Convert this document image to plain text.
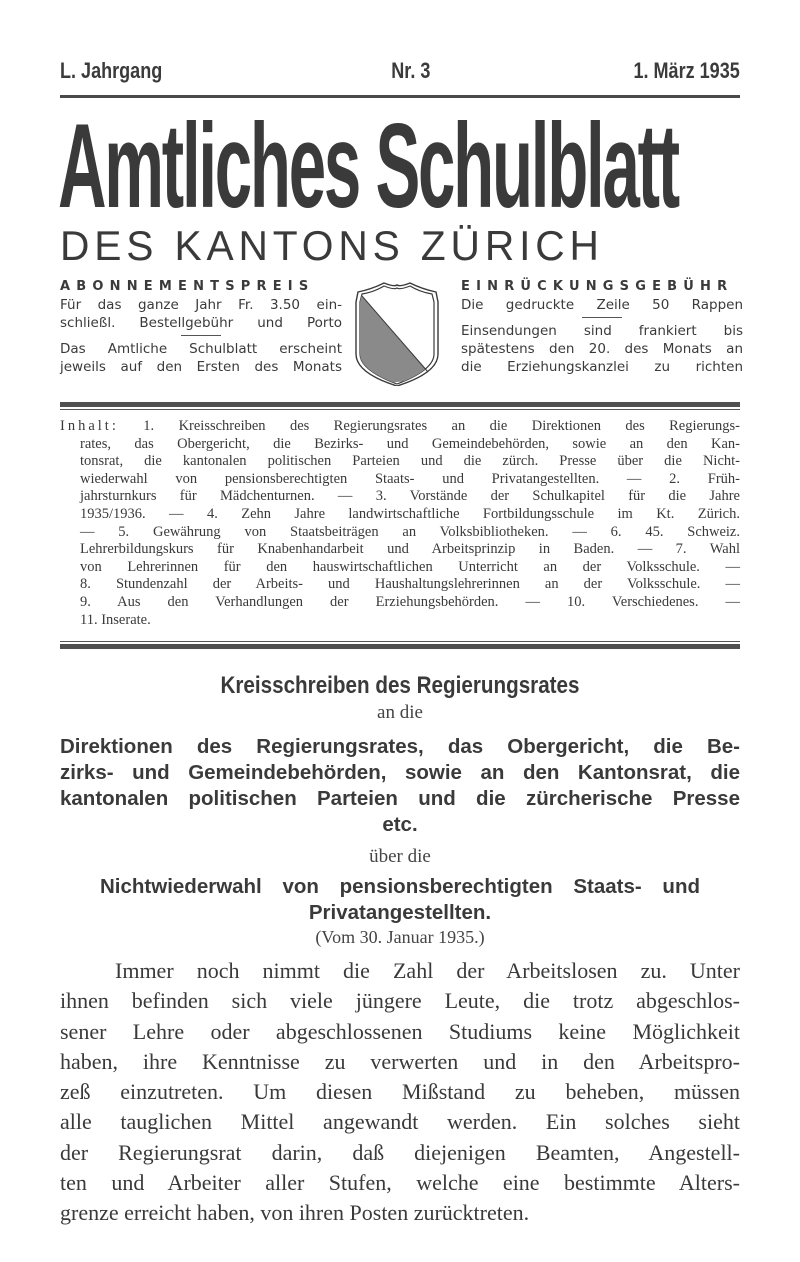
L. Jahrgang	Nr. 3	1. März 1935
Amtliches Schulblatt
DES KANTONS ZÜRICH
ABONNEMENTSPREIS
Für das ganze Jahr Fr. 3.50 ein-
schließl. Bestellgebühr und Porto
Das Amtliche Schulblatt erscheint
jeweils auf den Ersten des Monats
EINRÜCKUNGSGEBÜHR
Die gedruckte Zeile 50 Rappen
Einsendungen sind frankiert bis
spätestens den 20. des Monats an
die Erziehungskanzlei zu richten
Inhalt: 1. Kreisschreiben des Regierungsrates an die Direktionen des Regierungs-
rates, das Obergericht, die Bezirks- und Gemeindebehörden, sowie an den Kan-
tonsrat, die kantonalen politischen Parteien und die zürch. Presse über die Nicht-
wiederwahl von pensionsberechtigten Staats- und Privatangestellten. — 2. Früh-
jahrsturnkurs für Mädchenturnen. — 3. Vorstände der Schulkapitel für die Jahre
1935/1936. — 4. Zehn Jahre landwirtschaftliche Fortbildungsschule im Kt. Zürich.
— 5. Gewährung von Staatsbeiträgen an Volksbibliotheken. — 6. 45. Schweiz.
Lehrerbildungskurs für Knabenhandarbeit und Arbeitsprinzip in Baden. — 7. Wahl
von Lehrerinnen für den hauswirtschaftlichen Unterricht an der Volksschule. —
8. Stundenzahl der Arbeits- und Haushaltungslehrerinnen an der Volksschule. —
9. Aus den Verhandlungen der Erziehungsbehörden. — 10. Verschiedenes. —
11. Inserate.
Kreisschreiben des Regierungsrates
an die
Direktionen des Regierungsrates, das Obergericht, die Be-
zirks- und Gemeindebehörden, sowie an den Kantonsrat, die
kantonalen politischen Parteien und die zürcherische Presse
etc.
über die
Nichtwiederwahl von pensionsberechtigten Staats- und
Privatangestellten.
(Vom 30. Januar 1935.)
Immer noch nimmt die Zahl der Arbeitslosen zu. Unter
ihnen befinden sich viele jüngere Leute, die trotz abgeschlos-
sener Lehre oder abgeschlossenen Studiums keine Möglichkeit
haben, ihre Kenntnisse zu verwerten und in den Arbeitspro-
zeß einzutreten. Um diesen Mißstand zu beheben, müssen
alle tauglichen Mittel angewandt werden. Ein solches sieht
der Regierungsrat darin, daß diejenigen Beamten, Angestell-
ten und Arbeiter aller Stufen, welche eine bestimmte Alters-
grenze erreicht haben, von ihren Posten zurücktreten.
